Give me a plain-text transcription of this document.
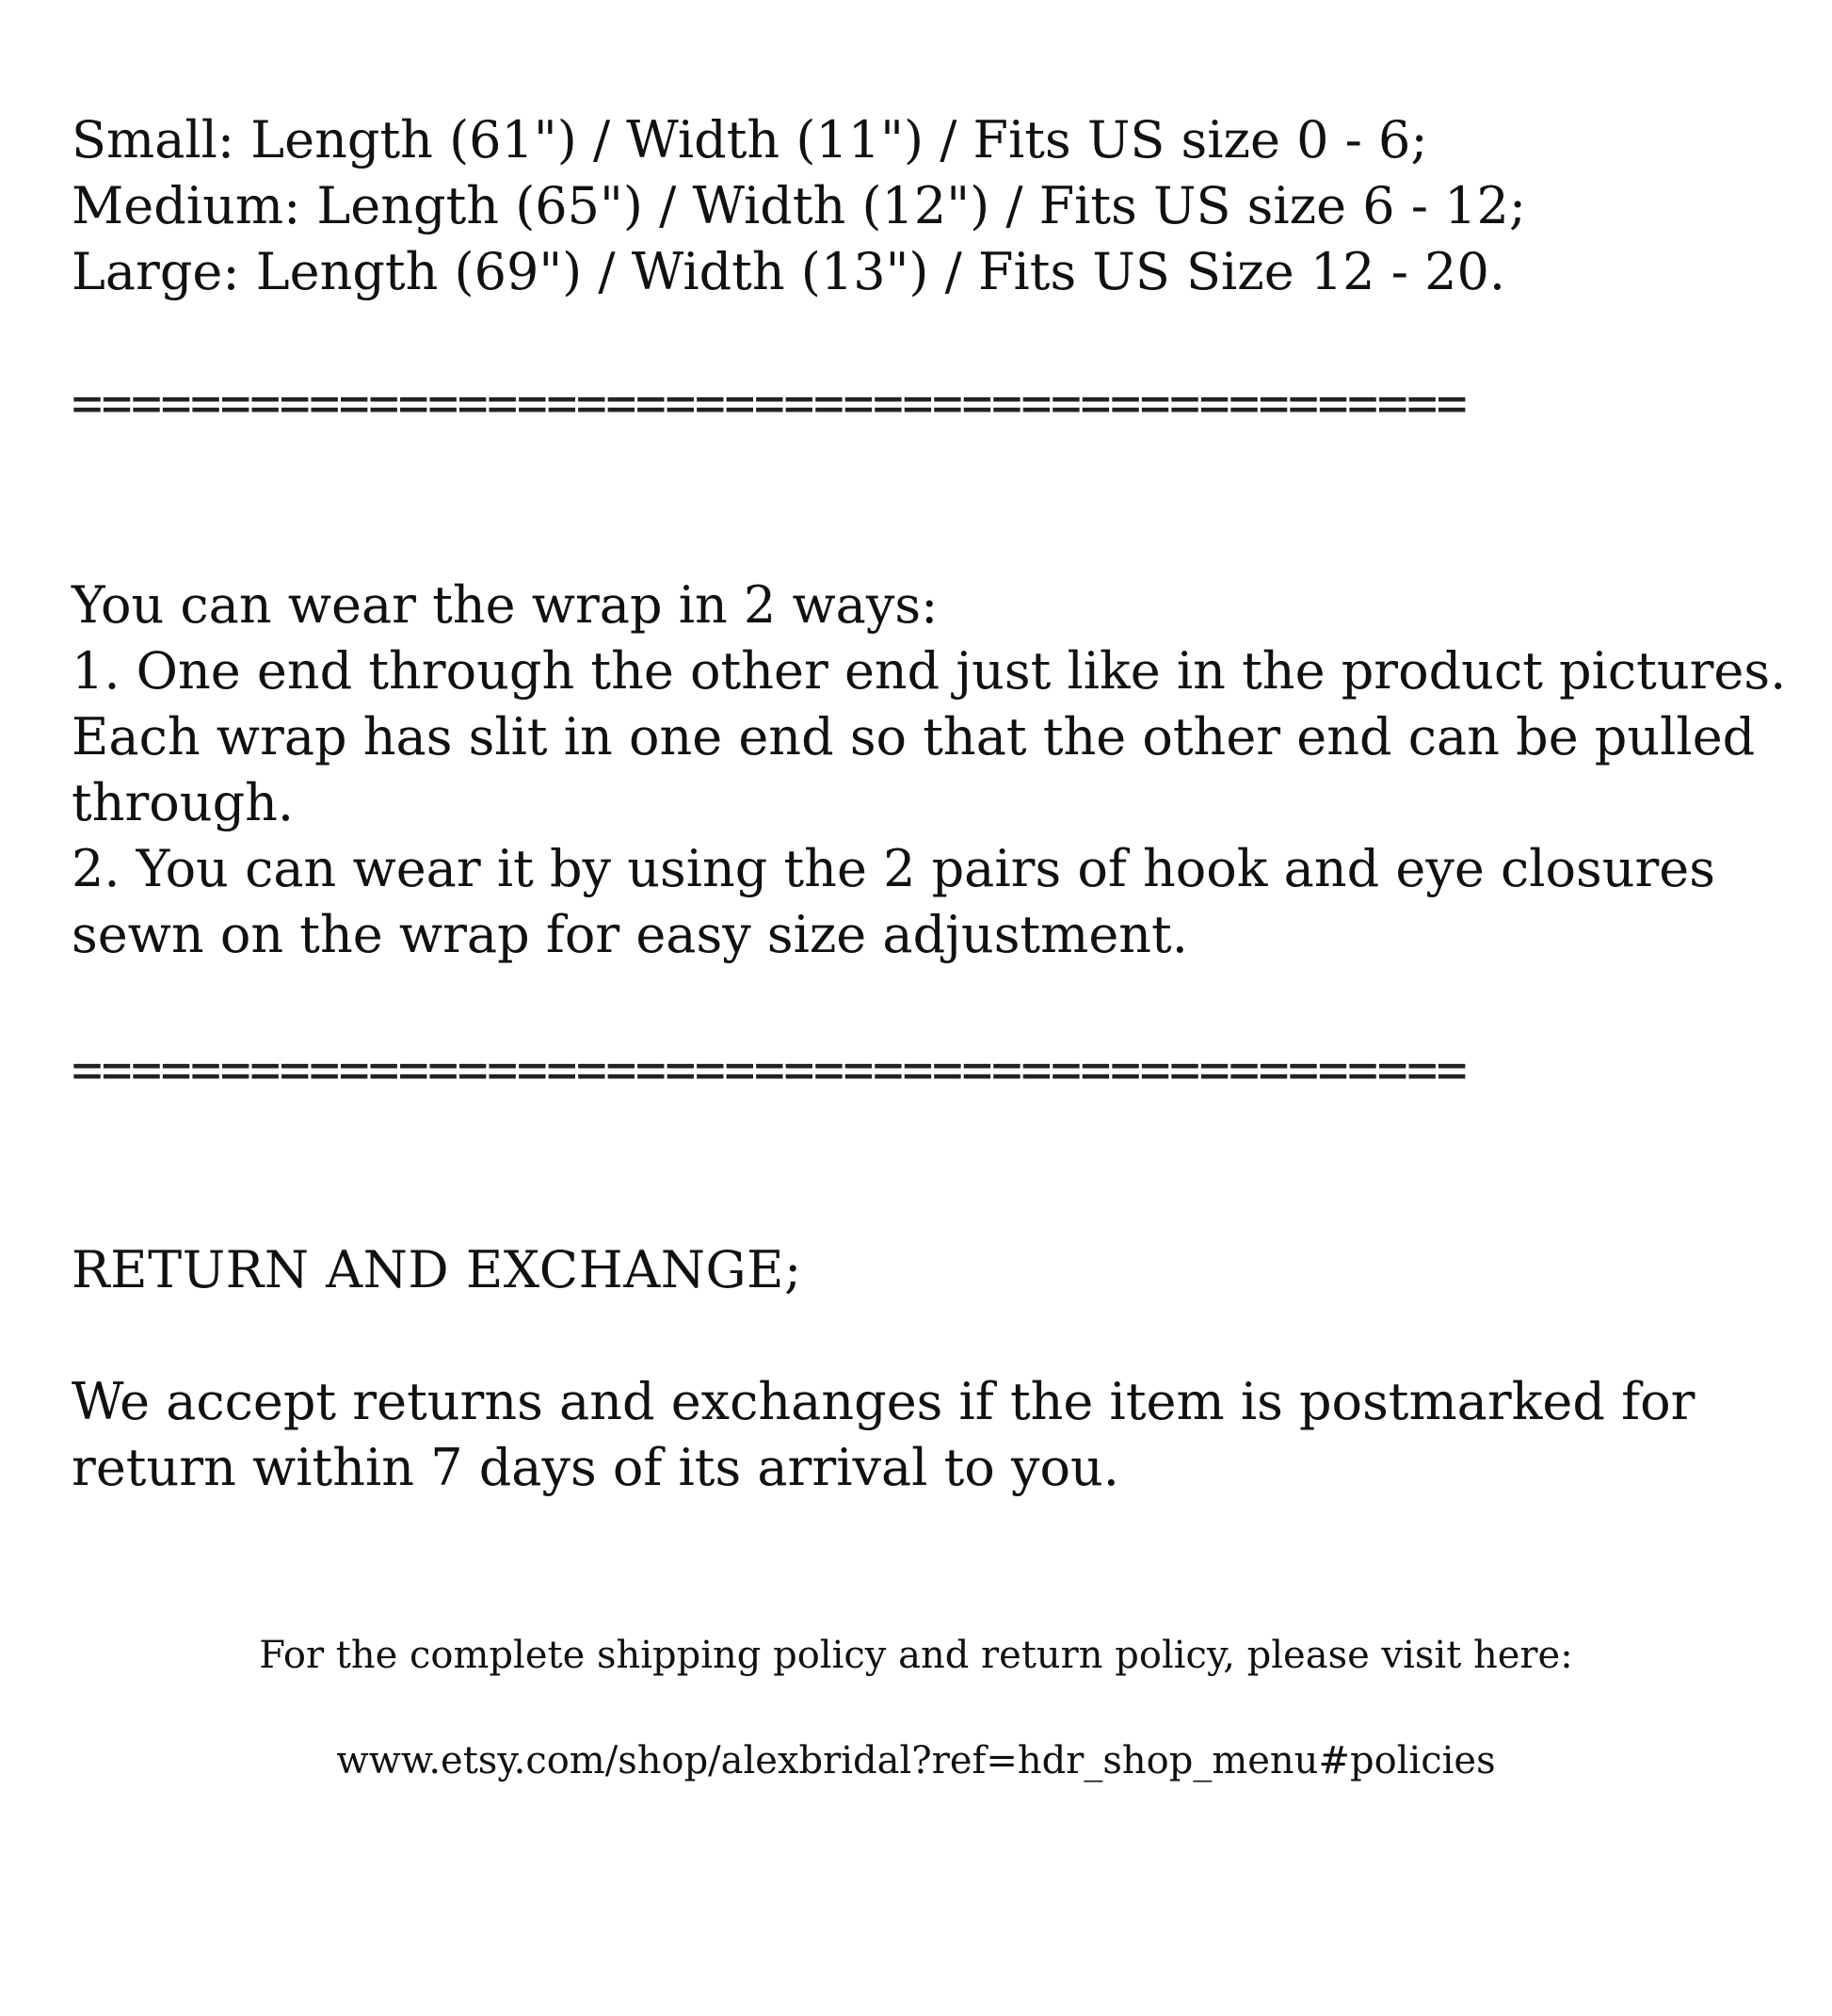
Small: Length (61") / Width (11") / Fits US size 0 - 6;
Medium: Length (65") / Width (12") / Fits US size 6 - 12;
Large: Length (69") / Width (13") / Fits US Size 12 - 20.
===============================================
You can wear the wrap in 2 ways:
1. One end through the other end just like in the product pictures. Each wrap has slit in one end so that the other end can be pulled through.
2. You can wear it by using the 2 pairs of hook and eye closures sewn on the wrap for easy size adjustment.
===============================================
RETURN AND EXCHANGE;
We accept returns and exchanges if the item is postmarked for return within 7 days of its arrival to you.
For the complete shipping policy and return policy, please visit here:
www.etsy.com/shop/alexbridal?ref=hdr_shop_menu#policies
